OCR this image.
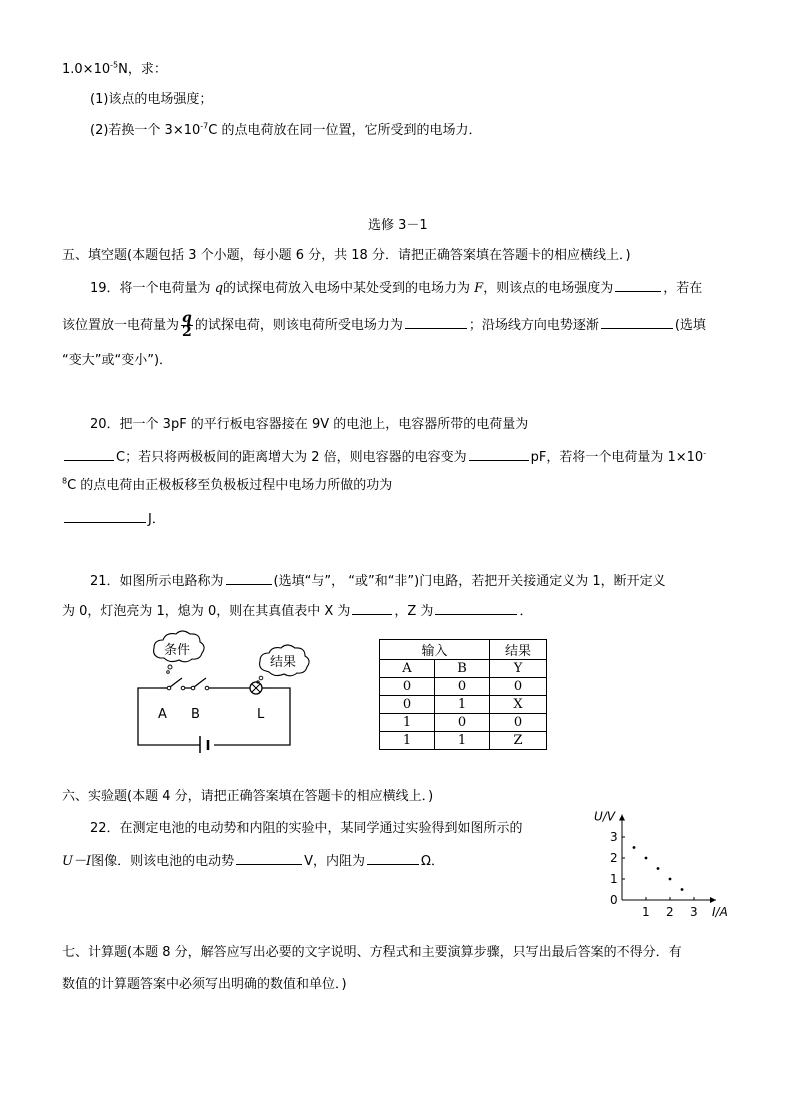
$1.0\times 10^{-5}N$，求：
(1)该点的电场强度；
(2)若换一个 $3\times 10^{-7}C$ 的点电荷放在同一位置，它所受到的电场力．
选修 3－1
五、填空题(本题包括 3 个小题，每小题 6 分，共 18 分．请把正确答案填在答题卡的相应横线上．)
19．将一个电荷量为 q的试探电荷放入电场中某处受到的电场力为 F，则该点的电场强度为	，若在
该位置放一电荷量为 $\frac{q}{2}$ 的试探电荷，则该电荷所受电场力为	；沿场线方向电势逐渐	(选填
“变大”或“变小”)．
20．把一个 3pF 的平行板电容器接在 9V 的电池上，电容器所带的电荷量为
C；若只将两极板间的距离增大为 2 倍，则电容器的电容变为	pF，若将一个电荷量为 1×10-
$^8$C 的点电荷由正极板移至负极板过程中电场力所做的功为
J．
21．如图所示电路称为	(选填“与”， “或”和“非”)门电路，若把开关接通定义为 1，断开定义
为 0，灯泡亮为 1，熄为 0，则在其真值表中 X 为	，Z 为	．
条件
结果
A B	L
输入		结果
A	B	Y
0	0	0
0	1	X
1	0	0
1	1	Z
六、实验题(本题 4 分，请把正确答案填在答题卡的相应横线上．)
22．在测定电池的电动势和内阻的实验中，某同学通过实验得到如图所示的
U－I图像．则该电池的电动势	V，内阻为	Ω．
U/V
I/A
0
1
2
3
1 2 3
七、计算题(本题 8 分，解答应写出必要的文字说明、方程式和主要演算步骤，只写出最后答案的不得分．有
数值的计算题答案中必须写出明确的数值和单位．)
